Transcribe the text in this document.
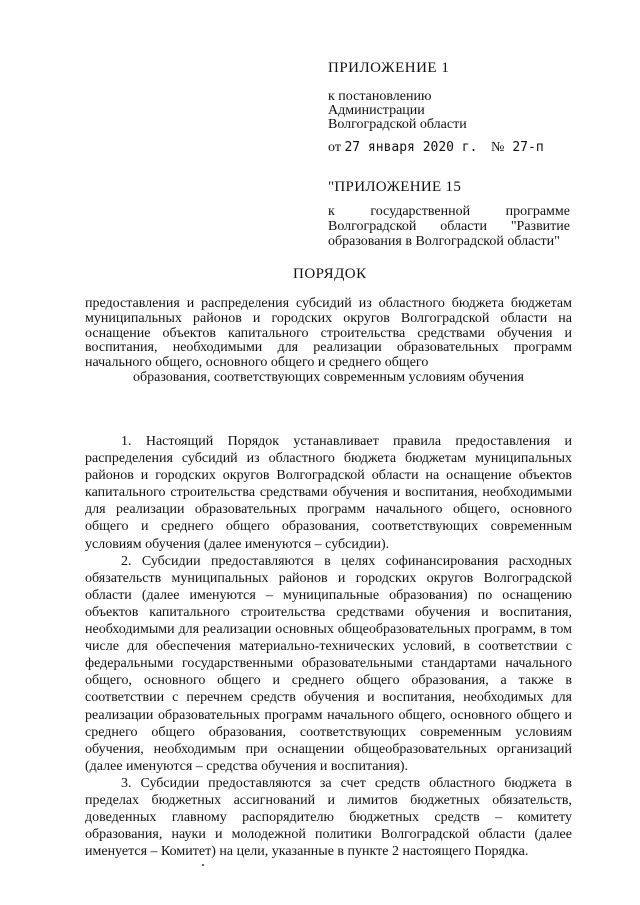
ПРИЛОЖЕНИЕ 1
к постановлению
Администрации
Волгоградской области
от 27 января 2020 г. № 27-п
"ПРИЛОЖЕНИЕ 15
к государственной программе Волгоградской области "Развитие образования в Волгоградской области"
ПОРЯДОК
предоставления и распределения субсидий из областного бюджета бюджетам муниципальных районов и городских округов Волгоградской области на оснащение объектов капитального строительства средствами обучения и воспитания, необходимыми для реализации образовательных программ начального общего, основного общего и среднего общего
образования, соответствующих современным условиям обучения

1. Настоящий Порядок устанавливает правила предоставления и распределения субсидий из областного бюджета бюджетам муниципальных районов и городских округов Волгоградской области на оснащение объектов капитального строительства средствами обучения и воспитания, необходимыми для реализации образовательных программ начального общего, основного общего и среднего общего образования, соответствующих современным условиям обучения (далее именуются – субсидии).

2. Субсидии предоставляются в целях софинансирования расходных обязательств муниципальных районов и городских округов Волгоградской области (далее именуются – муниципальные образования) по оснащению объектов капитального строительства средствами обучения и воспитания, необходимыми для реализации основных общеобразовательных программ, в том числе для обеспечения материально-технических условий, в соответствии с федеральными государственными образовательными стандартами начального общего, основного общего и среднего общего образования, а также в соответствии с перечнем средств обучения и воспитания, необходимых для реализации образовательных программ начального общего, основного общего и среднего общего образования, соответствующих современным условиям обучения, необходимым при оснащении общеобразовательных организаций (далее именуются – средства обучения и воспитания).

3. Субсидии предоставляются за счет средств областного бюджета в пределах бюджетных ассигнований и лимитов бюджетных обязательств, доведенных главному распорядителю бюджетных средств – комитету образования, науки и молодежной политики Волгоградской области (далее именуется – Комитет) на цели, указанные в пункте 2 настоящего Порядка.
